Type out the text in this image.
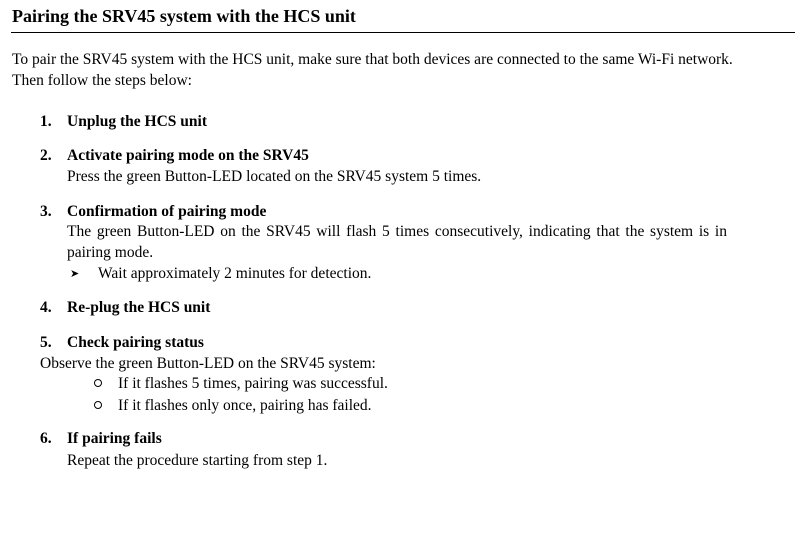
Pairing the SRV45 system with the HCS unit
To pair the SRV45 system with the HCS unit, make sure that both devices are connected to the same Wi-Fi network. Then follow the steps below:
1. Unplug the HCS unit
2. Activate pairing mode on the SRV45
Press the green Button-LED located on the SRV45 system 5 times.
3. Confirmation of pairing mode
The green Button-LED on the SRV45 will flash 5 times consecutively, indicating that the system is in pairing mode.
➤ Wait approximately 2 minutes for detection.
4. Re-plug the HCS unit
5. Check pairing status
Observe the green Button-LED on the SRV45 system:
If it flashes 5 times, pairing was successful.
If it flashes only once, pairing has failed.
6. If pairing fails
Repeat the procedure starting from step 1.
